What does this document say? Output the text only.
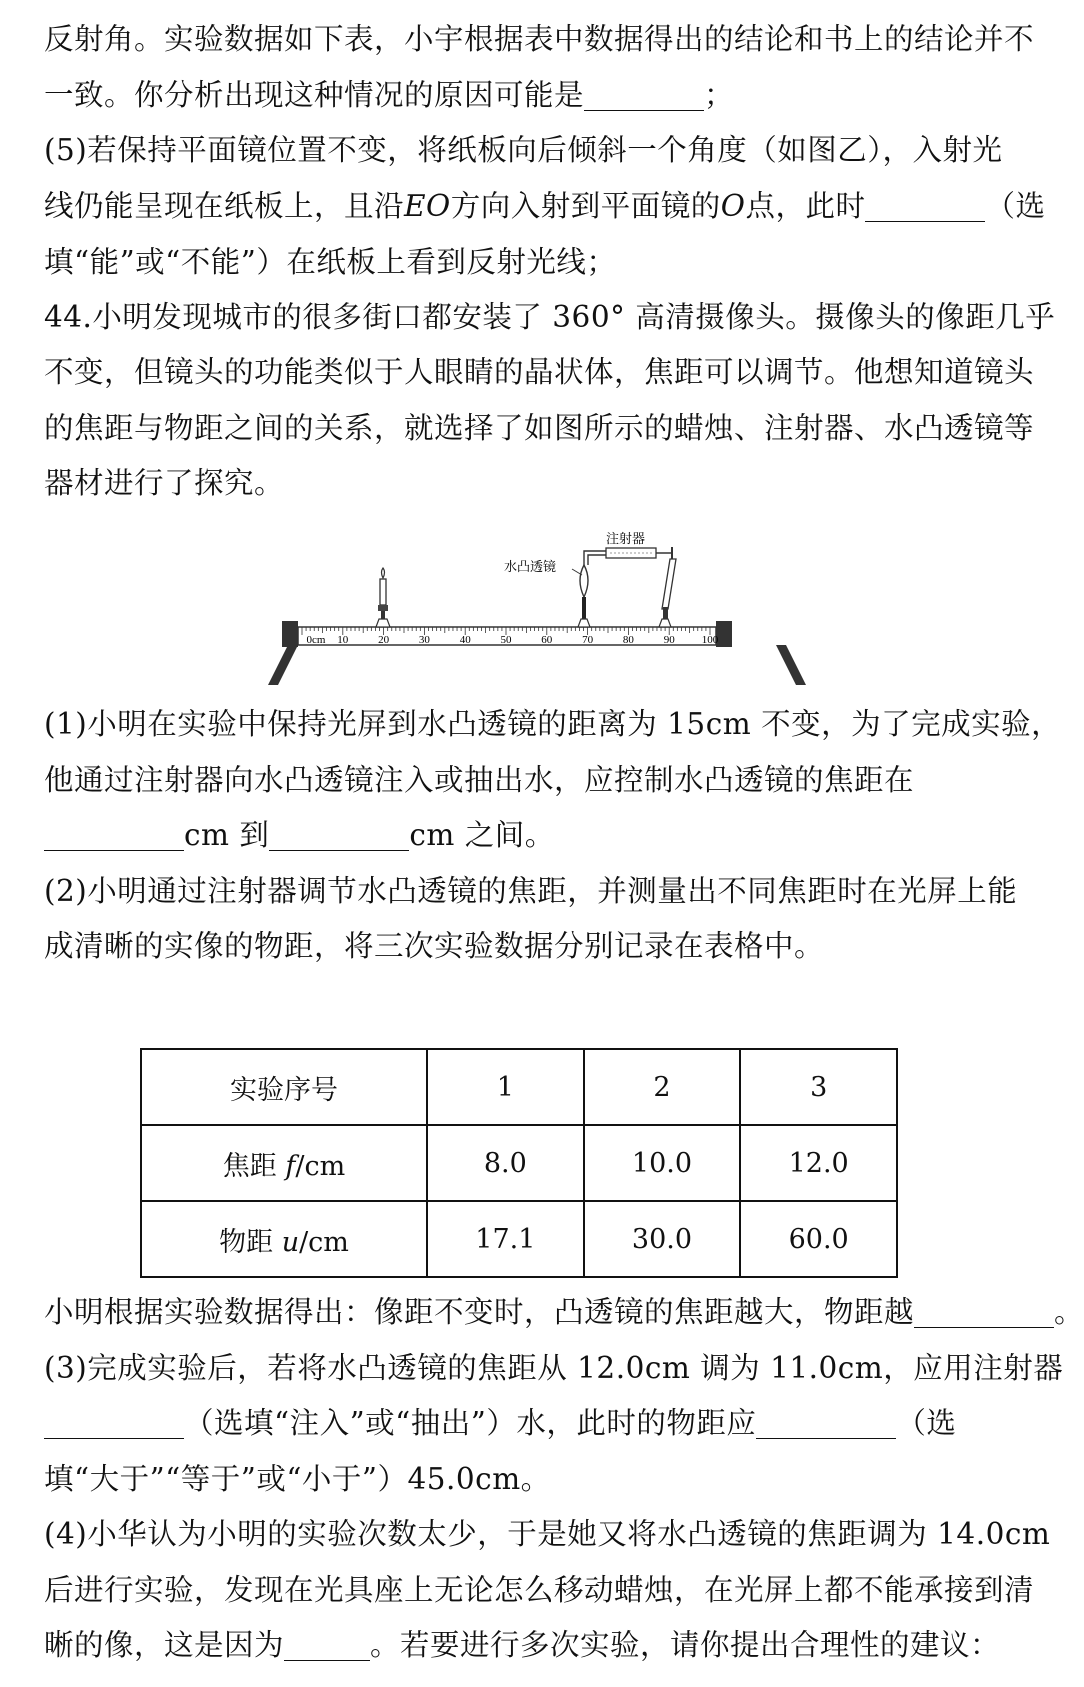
反射角。实验数据如下表，小宇根据表中数据得出的结论和书上的结论并不
一致。你分析出现这种情况的原因可能是	；
(5)若保持平面镜位置不变，将纸板向后倾斜一个角度（如图乙），入射光
线仍能呈现在纸板上，且沿EO方向入射到平面镜的O点，此时	（选
填“能”或“不能”）在纸板上看到反射光线；
44.小明发现城市的很多街口都安装了 360° 高清摄像头。摄像头的像距几乎
不变，但镜头的功能类似于人眼睛的晶状体，焦距可以调节。他想知道镜头
的焦距与物距之间的关系，就选择了如图所示的蜡烛、注射器、水凸透镜等
器材进行了探究。
0cm 10	20	30	40	50	60	70	80	90 100
注射器
水凸透镜
(1)小明在实验中保持光屏到水凸透镜的距离为 15cm 不变，为了完成实验，
他通过注射器向水凸透镜注入或抽出水，应控制水凸透镜的焦距在
cm 到	cm 之间。
(2)小明通过注射器调节水凸透镜的焦距，并测量出不同焦距时在光屏上能
成清晰的实像的物距，将三次实验数据分别记录在表格中。
实验序号	1	2	3
焦距 f/cm	8.0	10.0	12.0
物距 u/cm	17.1	30.0	60.0
小明根据实验数据得出：像距不变时，凸透镜的焦距越大，物距越	。
(3)完成实验后，若将水凸透镜的焦距从 12.0cm 调为 11.0cm，应用注射器
（选填“注入”或“抽出”）水，此时的物距应	（选
填“大于”“等于”或“小于”）45.0cm。
(4)小华认为小明的实验次数太少，于是她又将水凸透镜的焦距调为 14.0cm
后进行实验，发现在光具座上无论怎么移动蜡烛，在光屏上都不能承接到清
晰的像，这是因为	。若要进行多次实验，请你提出合理性的建议：
